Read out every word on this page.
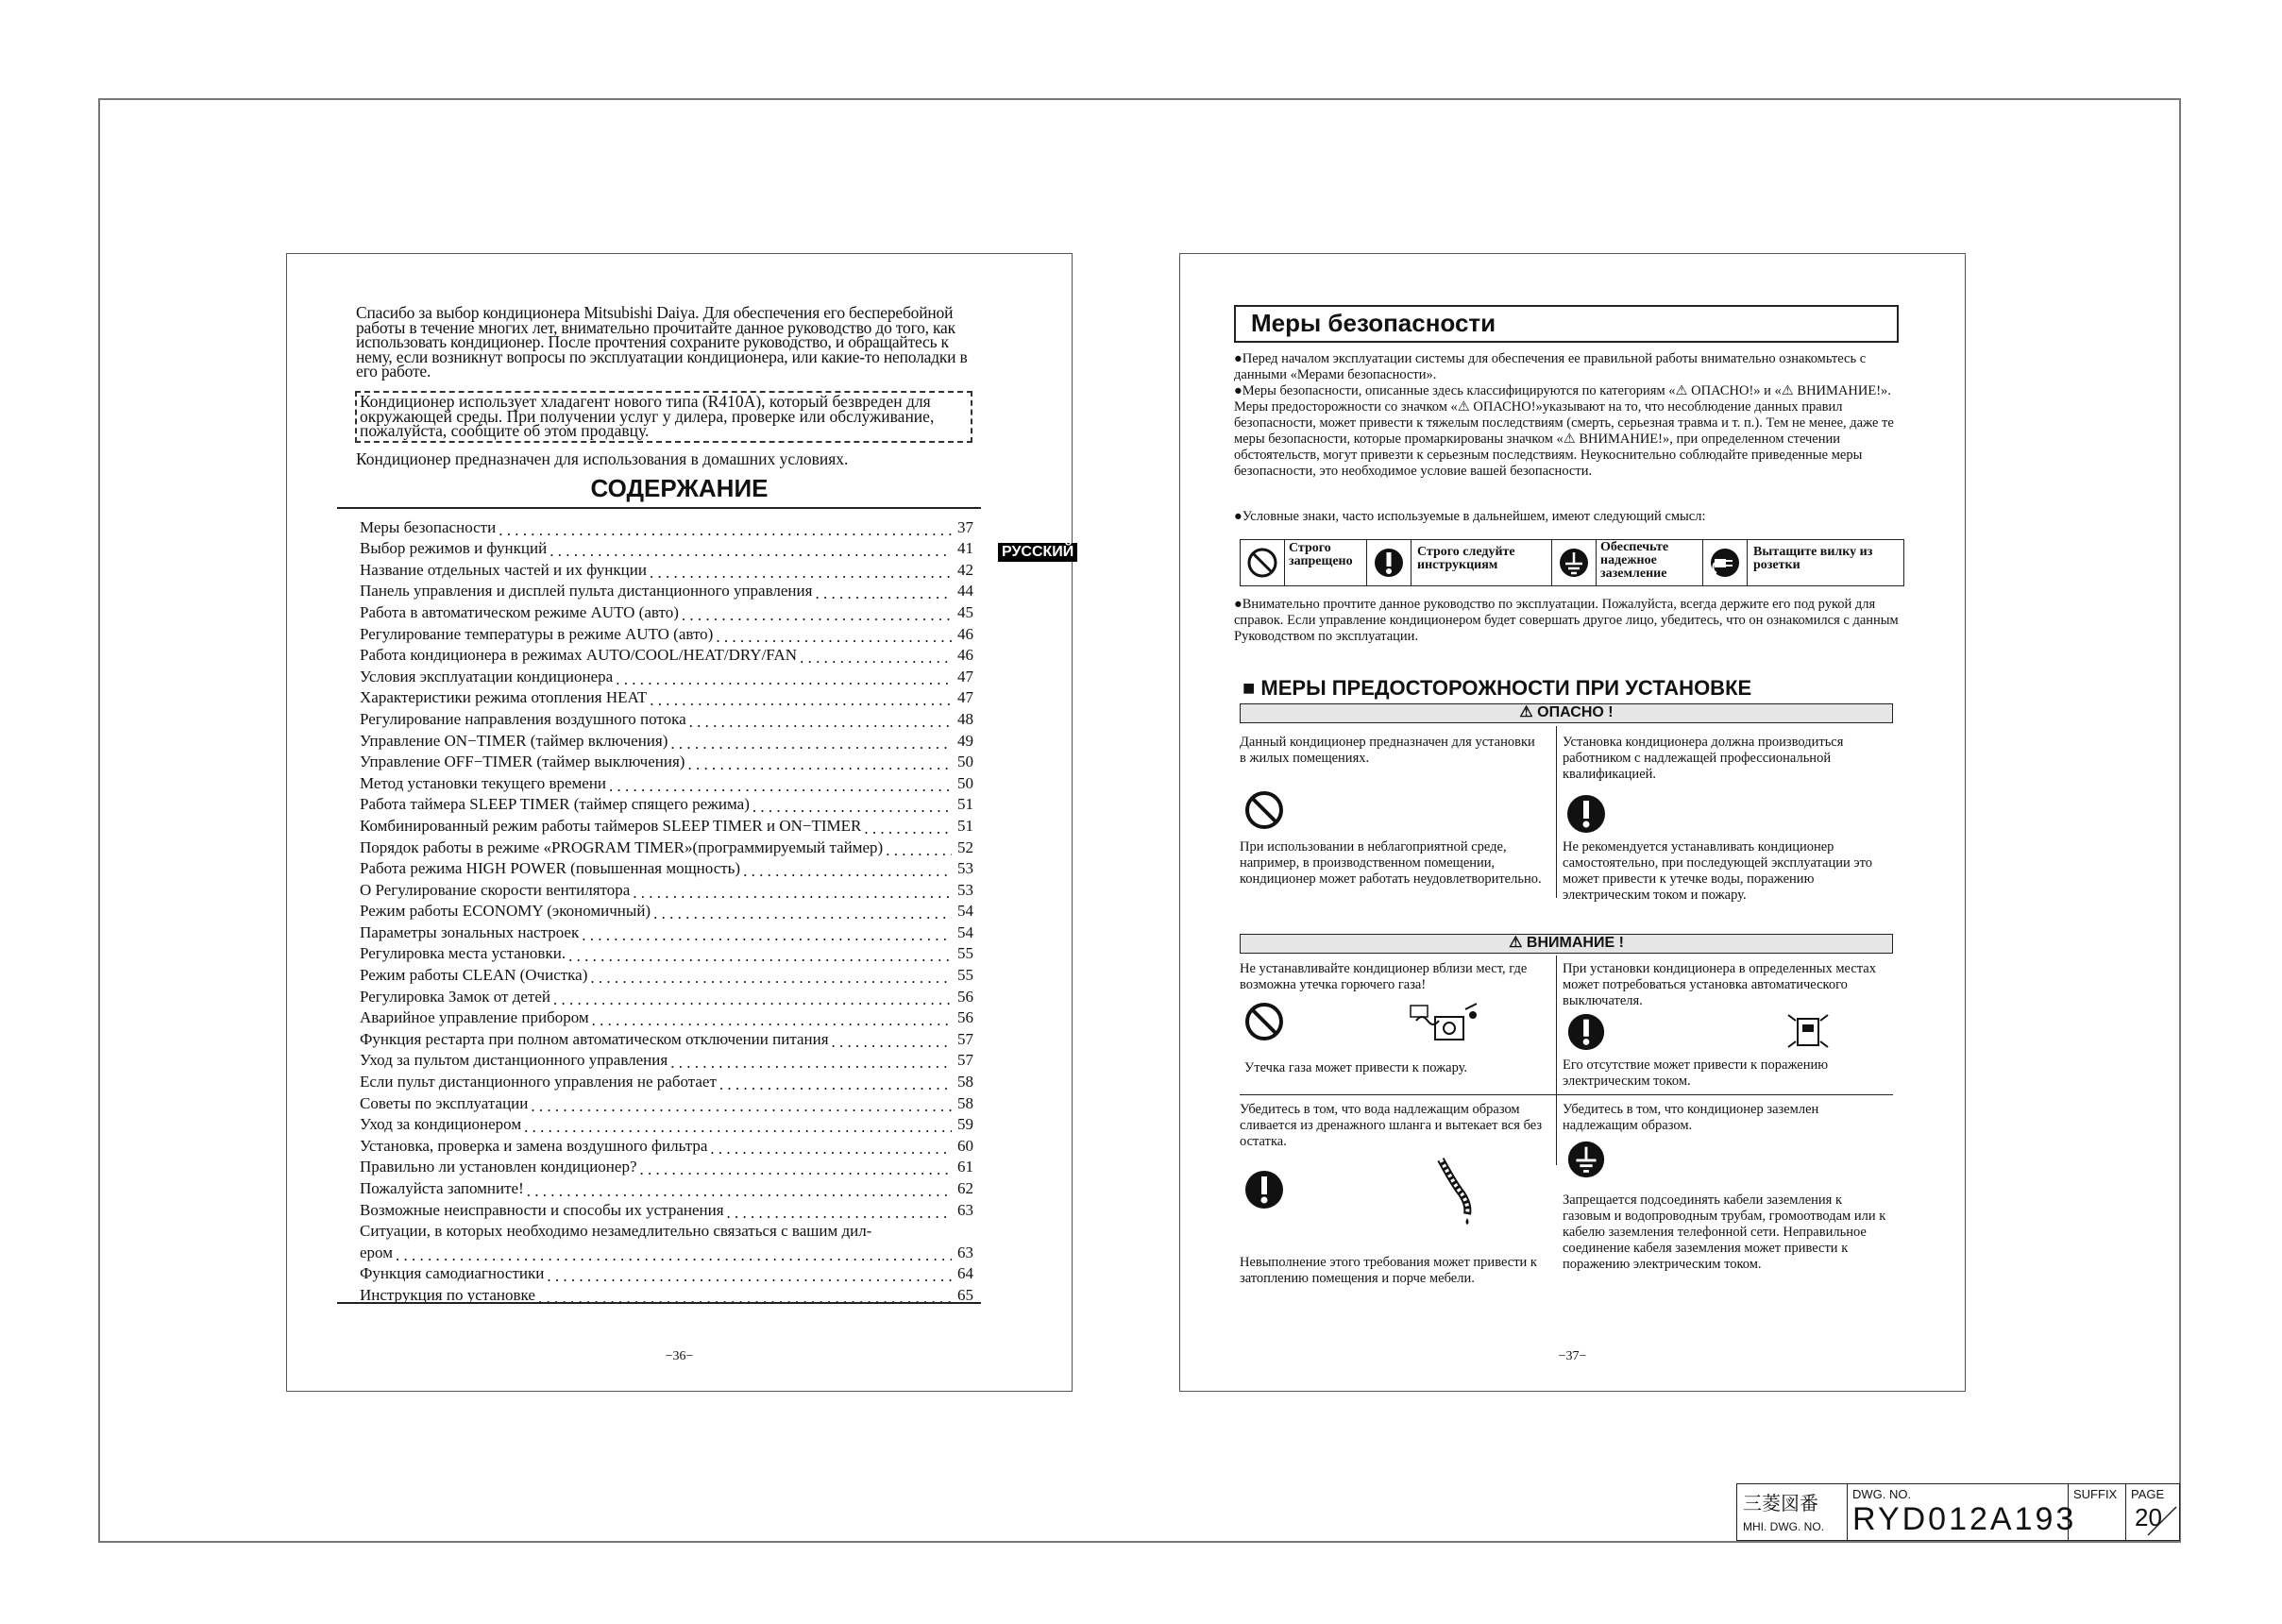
Спасибо за выбор кондиционера Mitsubishi Daiya. Для обеспечения его бесперебойной работы в течение многих лет, внимательно прочитайте данное руководство до того, как использовать кондиционер. После прочтения сохраните руководство, и обращайтесь к нему, если возникнут вопросы по эксплуатации кондиционера, или какие-то неполадки в его работе.
Кондиционер использует хладагент нового типа (R410A), который безвреден для окружающей среды. При получении услуг у дилера, проверке или обслуживание, пожалуйста, сообщите об этом продавцу.
Кондиционер предназначен для использования в домашних условиях.
СОДЕРЖАНИЕ
Меры безопасности . . .	37
Выбор режимов и функций . . .	41
Название отдельных частей и их функции . . .	42
Панель управления и дисплей пульта дистанционного управления . . .	44
Работа в автоматическом режиме AUTO (авто) . . .	45
Регулирование температуры в режиме AUTO (авто) . . .	46
Работа кондиционера в режимах AUTO/COOL/HEAT/DRY/FAN . . .	46
Условия эксплуатации кондиционера . . .	47
Характеристики режима отопления HEAT . . .	47
Регулирование направления воздушного потока . . .	48
Управление ON−TIMER (таймер включения) . . .	49
Управление OFF−TIMER (таймер выключения) . . .	50
Метод установки текущего времени . . .	50
Работа таймера SLEEP TIMER (таймер спящего режима) . . .	51
Комбинированный режим работы таймеров SLEEP TIMER и ON−TIMER . . .	51
Порядок работы в режиме «PROGRAM TIMER»(программируемый таймер) . . .	52
Работа режима HIGH POWER (повышенная мощность) . . .	53
О Регулирование скорости вентилятора . . .	53
Режим работы ECONOMY (экономичный) . . .	54
Параметры зональных настроек . . .	54
Регулировка места установки. . . .	55
Режим работы CLEAN (Очистка) . . .	55
Регулировка Замок от детей . . .	56
Аварийное управление прибором . . .	56
Функция рестарта при полном автоматическом отключении питания . . .	57
Уход за пультом дистанционного управления . . .	57
Если пульт дистанционного управления не работает . . .	58
Советы по эксплуатации . . .	58
Уход за кондиционером . . .	59
Установка, проверка и замена воздушного фильтра . . .	60
Правильно ли установлен кондиционер? . . .	61
Пожалуйста запомните! . . .	62
Возможные неисправности и способы их устранения . . .	63
Ситуации, в которых необходимо незамедлительно связаться с вашим дил-
ером . . .	63
Функция самодиагностики . . .	64
Инструкция по установке . . .	65
−36−
РУССКИЙ
Меры безопасности
●Перед началом эксплуатации системы для обеспечения ее правильной работы внимательно ознакомьтесь с данными «Мерами безопасности».
●Меры безопасности, описанные здесь классифицируются по категориям «⚠ ОПАСНО!» и «⚠ ВНИМАНИЕ!». Меры предосторожности со значком «⚠ ОПАСНО!»указывают на то, что несоблюдение данных правил безопасности, может привести к тяжелым последствиям (смерть, серьезная травма и т. п.). Тем не менее, даже те меры безопасности, которые промаркированы значком «⚠ ВНИМАНИЕ!», при определенном стечении обстоятельств, могут привезти к серьезным последствиям. Неукоснительно соблюдайте приведенные меры безопасности, это необходимое условие вашей безопасности.
●Условные знаки, часто используемые в дальнейшем, имеют следующий смысл:
Строго запрещено
Строго следуйте инструкциям
Обеспечьте надежное заземление
Вытащите вилку из розетки
●Внимательно прочтите данное руководство по эксплуатации. Пожалуйста, всегда держите его под рукой для справок. Если управление кондиционером будет совершать другое лицо, убедитесь, что он ознакомился с данным Руководством по эксплуатации.
■ МЕРЫ ПРЕДОСТОРОЖНОСТИ ПРИ УСТАНОВКЕ
⚠ ОПАСНО !
Данный кондиционер предназначен для установки в жилых помещениях.
При использовании в неблагоприятной среде, например, в производственном помещении, кондиционер может работать неудовлетворительно.
Установка кондиционера должна производиться работником с надлежащей профессиональной квалификацией.
Не рекомендуется устанавливать кондиционер самостоятельно, при последующей эксплуатации это может привести к утечке воды, поражению электрическим током и пожару.
⚠ ВНИМАНИЕ !
Не устанавливайте кондиционер вблизи мест, где возможна утечка горючего газа!
Утечка газа может привести к пожару.
При установки кондиционера в определенных местах может потребоваться установка автоматического выключателя.
Его отсутствие может привести к поражению электрическим током.
Убедитесь в том, что вода надлежащим образом сливается из дренажного шланга и вытекает вся без остатка.
Невыполнение этого требования может привести к затоплению помещения и порче мебели.
Убедитесь в том, что кондиционер заземлен надлежащим образом.
Запрещается подсоединять кабели заземления к газовым и водопроводным трубам, громоотводам или к кабелю заземления телефонной сети. Неправильное соединение кабеля заземления может привести к поражению электрическим током.
−37−
三菱図番
MHI. DWG. NO.
DWG. NO.
RYD012A193
SUFFIX PAGE
20
